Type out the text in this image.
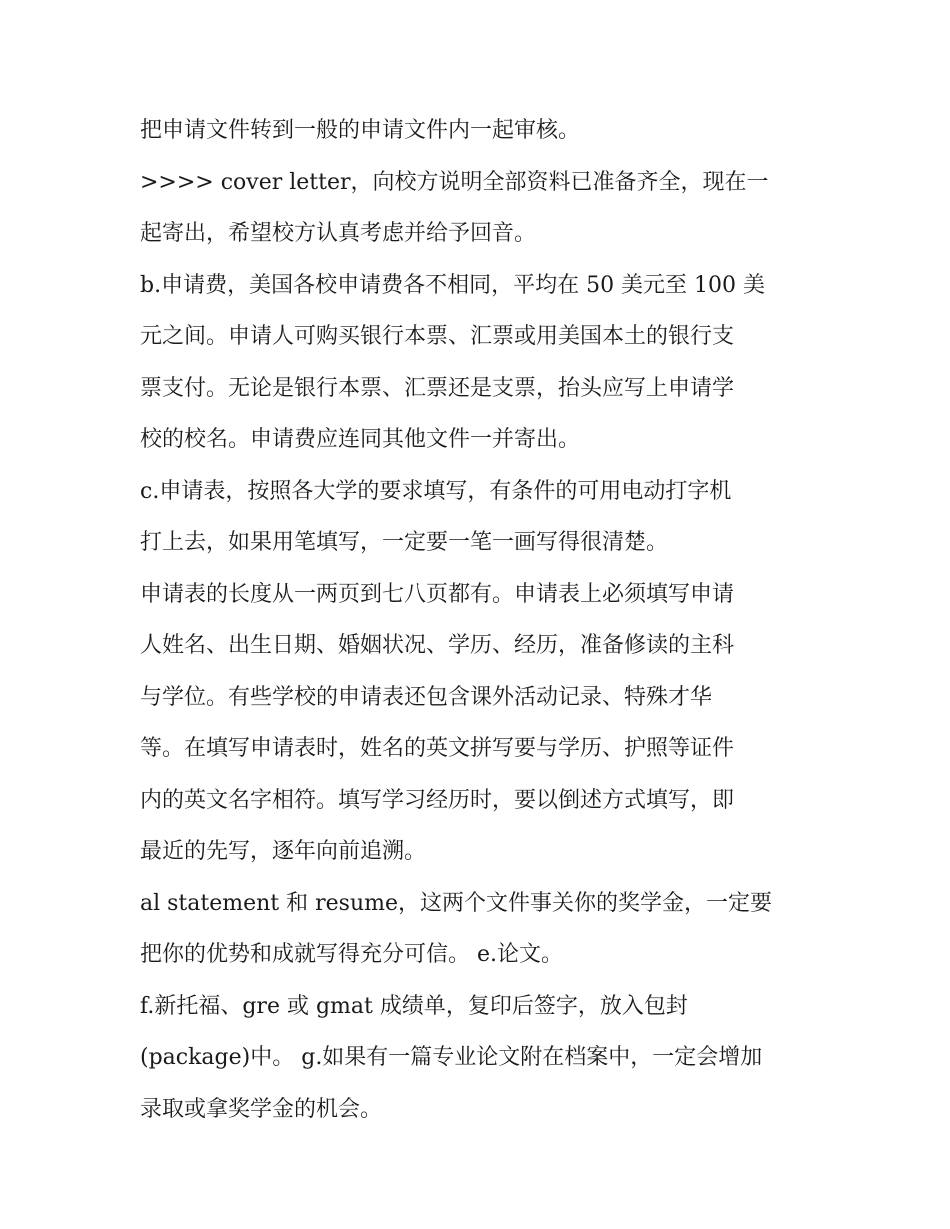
把申请文件转到一般的申请文件内一起审核。
>>>> cover letter，向校方说明全部资料已准备齐全，现在一
起寄出，希望校方认真考虑并给予回音。
b.申请费，美国各校申请费各不相同，平均在 50 美元至 100 美
元之间。申请人可购买银行本票、汇票或用美国本土的银行支
票支付。无论是银行本票、汇票还是支票，抬头应写上申请学
校的校名。申请费应连同其他文件一并寄出。
c.申请表，按照各大学的要求填写，有条件的可用电动打字机
打上去，如果用笔填写，一定要一笔一画写得很清楚。
申请表的长度从一两页到七八页都有。申请表上必须填写申请
人姓名、出生日期、婚姻状况、学历、经历，准备修读的主科
与学位。有些学校的申请表还包含课外活动记录、特殊才华
等。在填写申请表时，姓名的英文拼写要与学历、护照等证件
内的英文名字相符。填写学习经历时，要以倒述方式填写，即
最近的先写，逐年向前追溯。
al statement 和 resume，这两个文件事关你的奖学金，一定要
把你的优势和成就写得充分可信。 e.论文。
f.新托福、gre 或 gmat 成绩单，复印后签字，放入包封
(package)中。 g.如果有一篇专业论文附在档案中，一定会增加
录取或拿奖学金的机会。
